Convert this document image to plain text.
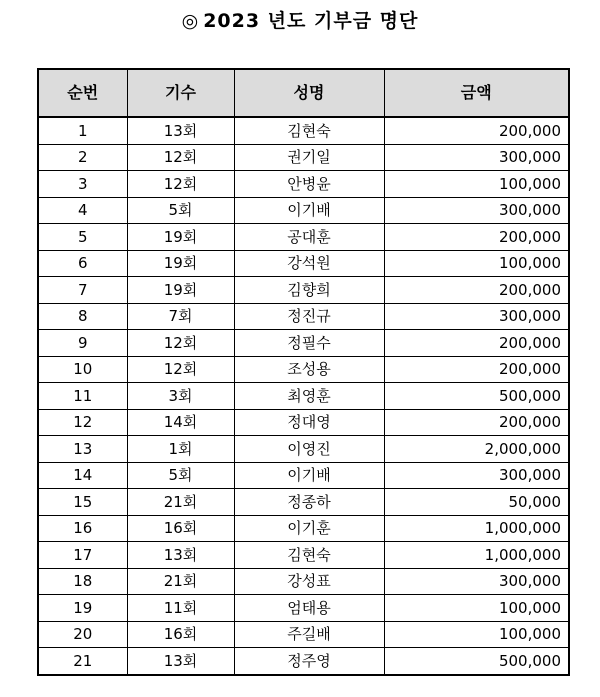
◎ 2023 년도 기부금 명단
순번	기수	성명	금액
1	13회	김현숙	200,000
2	12회	권기일	300,000
3	12회	안병윤	100,000
4	5회	이기배	300,000
5	19회	공대훈	200,000
6	19회	강석원	100,000
7	19회	김향희	200,000
8	7회	정진규	300,000
9	12회	정필수	200,000
10	12회	조성용	200,000
11	3회	최영훈	500,000
12	14회	정대영	200,000
13	1회	이영진	2,000,000
14	5회	이기배	300,000
15	21회	정종하	50,000
16	16회	이기훈	1,000,000
17	13회	김현숙	1,000,000
18	21회	강성표	300,000
19	11회	엄태용	100,000
20	16회	주길배	100,000
21	13회	정주영	500,000
